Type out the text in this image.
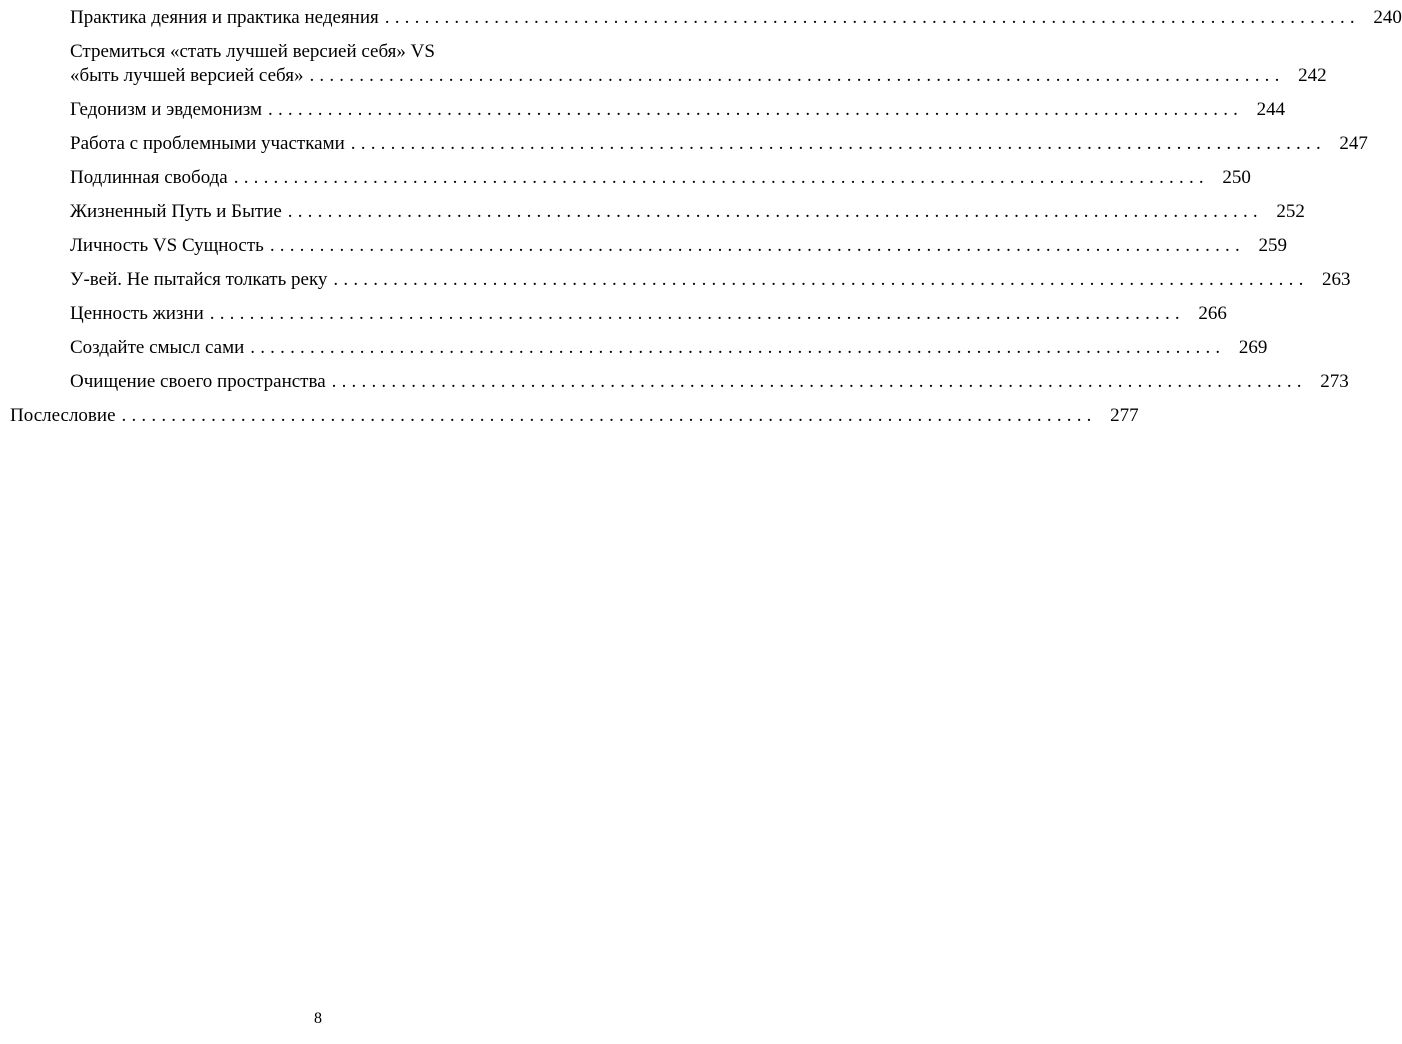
Практика деяния и практика недеяния .................................................................................................. 240
Стремиться «стать лучшей версией себя» VS
«быть лучшей версией себя» .................................................................................................. 242
Гедонизм и эвдемонизм .................................................................................................. 244
Работа с проблемными участками .................................................................................................. 247
Подлинная свобода .................................................................................................. 250
Жизненный Путь и Бытие .................................................................................................. 252
Личность VS Сущность .................................................................................................. 259
У-вей. Не пытайся толкать реку .................................................................................................. 263
Ценность жизни .................................................................................................. 266
Создайте смысл сами .................................................................................................. 269
Очищение своего пространства .................................................................................................. 273
Послесловие .................................................................................................. 277
8
